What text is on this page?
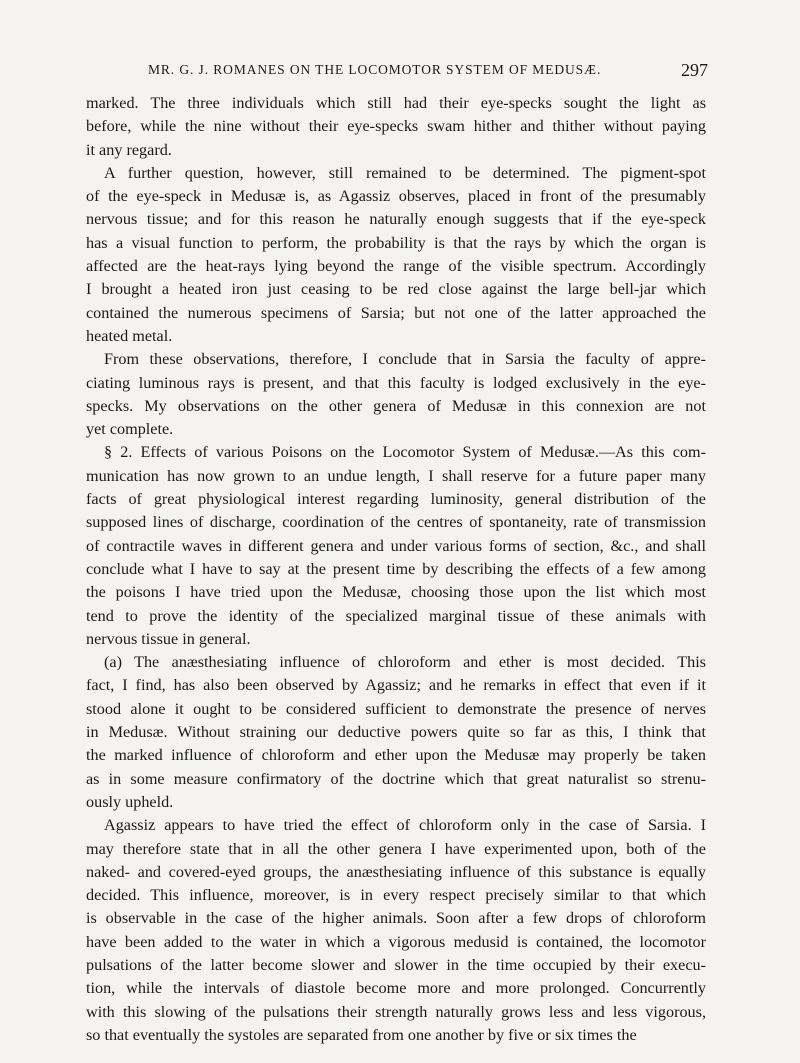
MR. G. J. ROMANES ON THE LOCOMOTOR SYSTEM OF MEDUSÆ.	297

marked. The three individuals which still had their eye-specks sought the light as
before, while the nine without their eye-specks swam hither and thither without paying
it any regard.

A further question, however, still remained to be determined. The pigment-spot
of the eye-speck in Medusæ is, as Agassiz observes, placed in front of the presumably
nervous tissue; and for this reason he naturally enough suggests that if the eye-speck
has a visual function to perform, the probability is that the rays by which the organ is
affected are the heat-rays lying beyond the range of the visible spectrum. Accordingly
I brought a heated iron just ceasing to be red close against the large bell-jar which
contained the numerous specimens of Sarsia; but not one of the latter approached the
heated metal.

From these observations, therefore, I conclude that in Sarsia the faculty of appre-
ciating luminous rays is present, and that this faculty is lodged exclusively in the eye-
specks. My observations on the other genera of Medusæ in this connexion are not
yet complete.

§ 2. Effects of various Poisons on the Locomotor System of Medusæ.—As this com-
munication has now grown to an undue length, I shall reserve for a future paper many
facts of great physiological interest regarding luminosity, general distribution of the
supposed lines of discharge, coordination of the centres of spontaneity, rate of transmission
of contractile waves in different genera and under various forms of section, &c., and shall
conclude what I have to say at the present time by describing the effects of a few among
the poisons I have tried upon the Medusæ, choosing those upon the list which most
tend to prove the identity of the specialized marginal tissue of these animals with
nervous tissue in general.

(a) The anæsthesiating influence of chloroform and ether is most decided. This
fact, I find, has also been observed by Agassiz; and he remarks in effect that even if it
stood alone it ought to be considered sufficient to demonstrate the presence of nerves
in Medusæ. Without straining our deductive powers quite so far as this, I think that
the marked influence of chloroform and ether upon the Medusæ may properly be taken
as in some measure confirmatory of the doctrine which that great naturalist so strenu-
ously upheld.

Agassiz appears to have tried the effect of chloroform only in the case of Sarsia. I
may therefore state that in all the other genera I have experimented upon, both of the
naked- and covered-eyed groups, the anæsthesiating influence of this substance is equally
decided. This influence, moreover, is in every respect precisely similar to that which
is observable in the case of the higher animals. Soon after a few drops of chloroform
have been added to the water in which a vigorous medusid is contained, the locomotor
pulsations of the latter become slower and slower in the time occupied by their execu-
tion, while the intervals of diastole become more and more prolonged. Concurrently
with this slowing of the pulsations their strength naturally grows less and less vigorous,
so that eventually the systoles are separated from one another by five or six times the
